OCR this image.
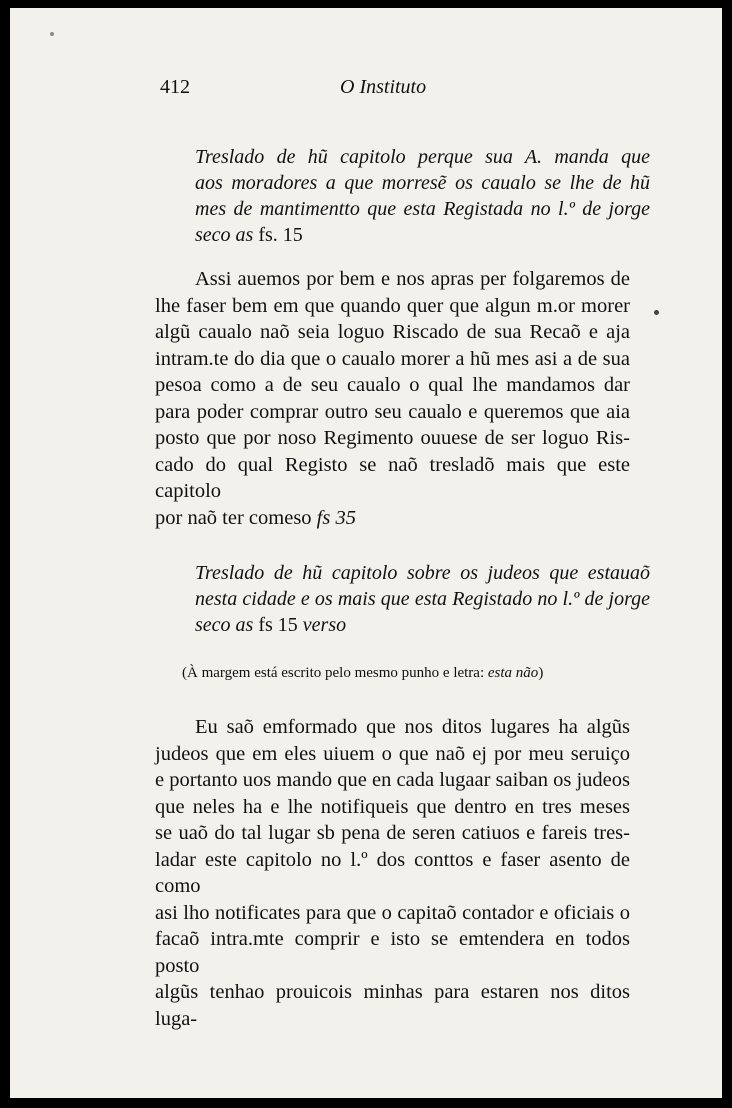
412	O Instituto
Treslado de hũ capitolo perque sua A. manda que
aos moradores a que morresẽ os caualo se lhe de hũ
mes de mantimentto que esta Registada no l.º de jorge
seco as fs. 15
Assi auemos por bem e nos apras per folgaremos de
lhe faser bem em que quando quer que algun m.or morer
algũ caualo naõ seia loguo Riscado de sua Recaõ e aja
intram.te do dia que o caualo morer a hũ mes asi a de sua
pesoa como a de seu caualo o qual lhe mandamos dar
para poder comprar outro seu caualo e queremos que aia
posto que por noso Regimento ouuese de ser loguo Ris-
cado do qual Registo se naõ tresladõ mais que este capitolo
por naõ ter comeso fs 35
Treslado de hũ capitolo sobre os judeos que estauaõ
nesta cidade e os mais que esta Registado no l.º de jorge
seco as fs 15 verso
(À margem está escrito pelo mesmo punho e letra: esta não)
Eu saõ emformado que nos ditos lugares ha algũs
judeos que em eles uiuem o que naõ ej por meu seruiço
e portanto uos mando que en cada lugaar saiban os judeos
que neles ha e lhe notifiqueis que dentro en tres meses
se uaõ do tal lugar sb pena de seren catiuos e fareis tres-
ladar este capitolo no l.º dos conttos e faser asento de como
asi lho notificates para que o capitaõ contador e oficiais o
facaõ intra.mte comprir e isto se emtendera en todos posto
algũs tenhao prouicois minhas para estaren nos ditos luga-
